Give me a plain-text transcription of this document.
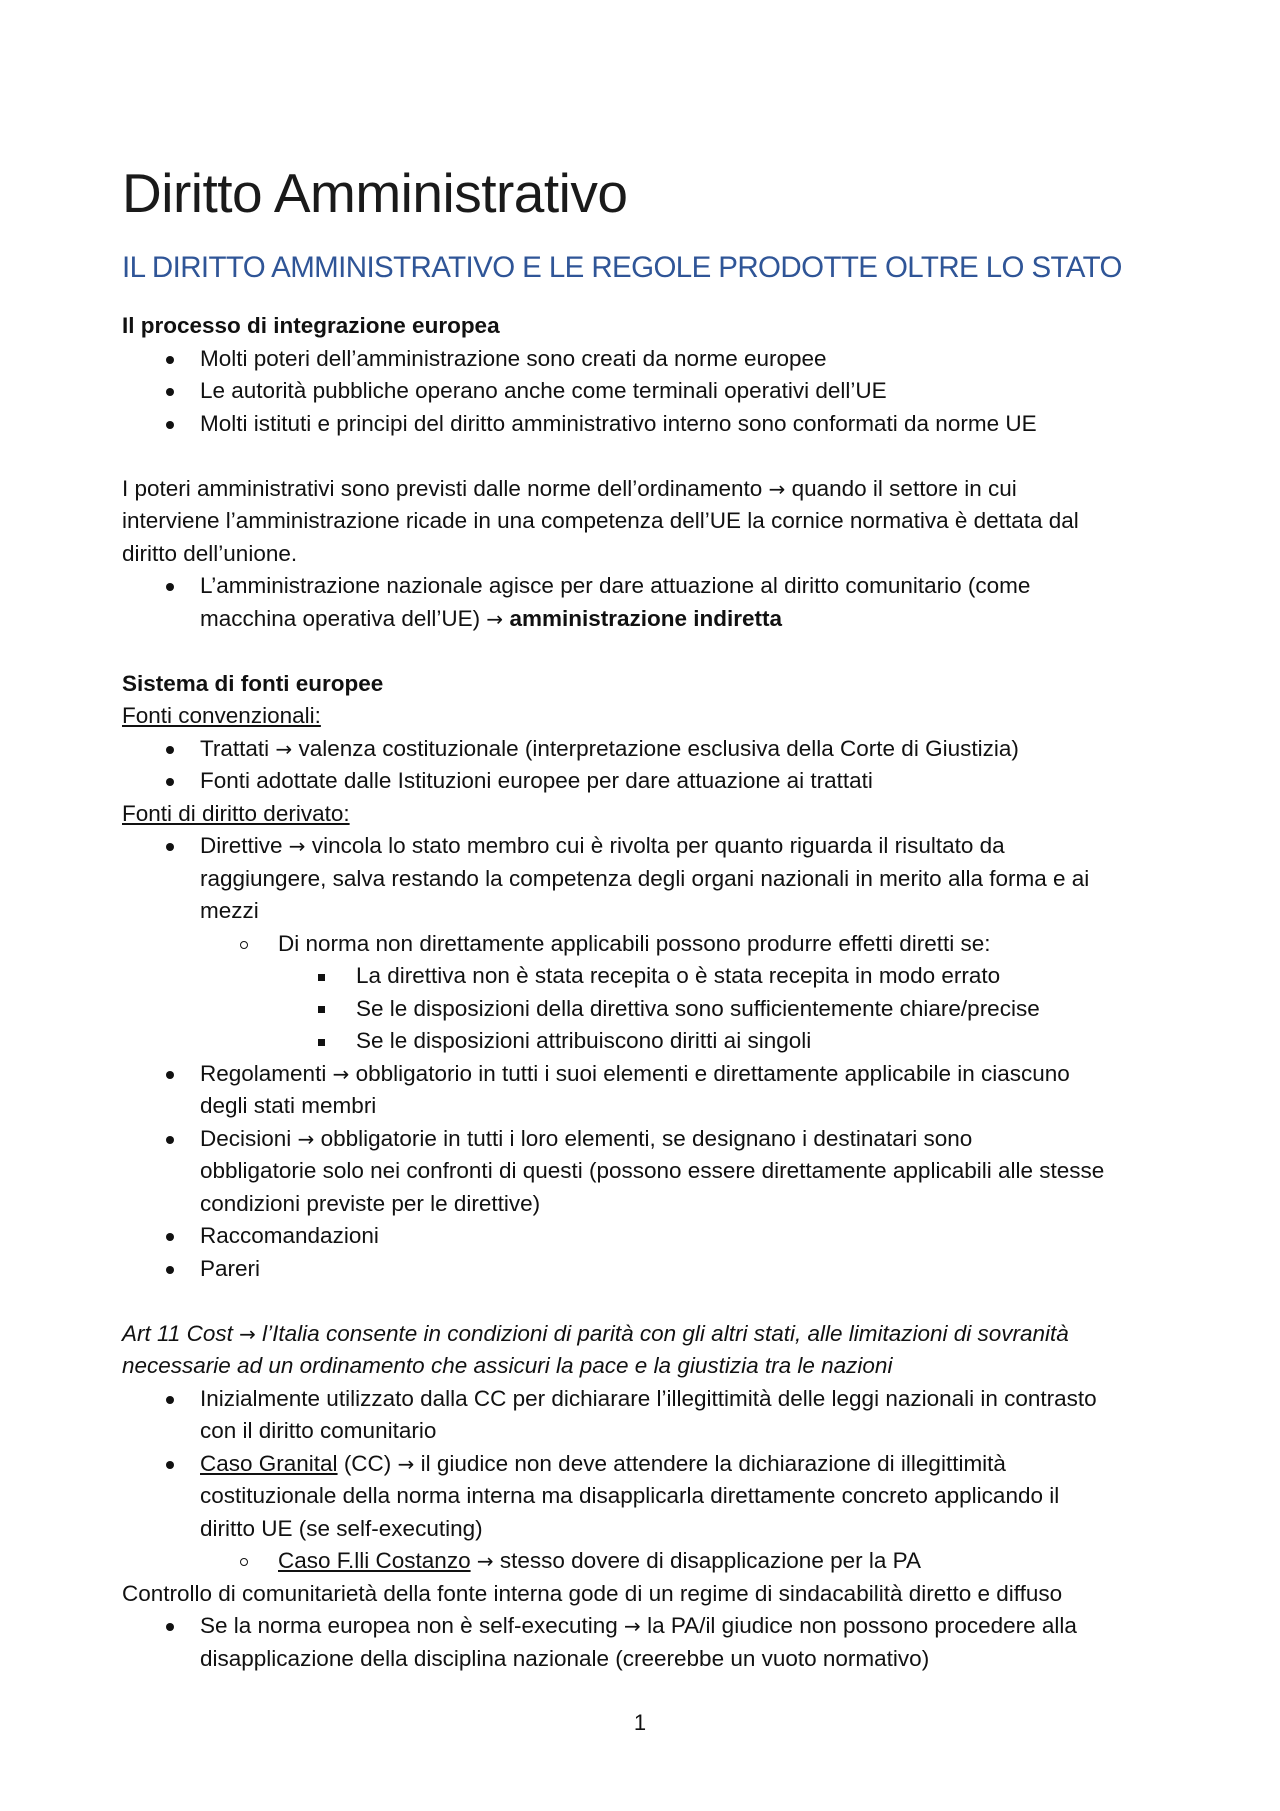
Diritto Amministrativo
IL DIRITTO AMMINISTRATIVO E LE REGOLE PRODOTTE OLTRE LO STATO
Il processo di integrazione europea
Molti poteri dell’amministrazione sono creati da norme europee
Le autorità pubbliche operano anche come terminali operativi dell’UE
Molti istituti e principi del diritto amministrativo interno sono conformati da norme UE
I poteri amministrativi sono previsti dalle norme dell’ordinamento → quando il settore in cui
interviene l’amministrazione ricade in una competenza dell’UE la cornice normativa è dettata dal
diritto dell’unione.
L’amministrazione nazionale agisce per dare attuazione al diritto comunitario (come
macchina operativa dell’UE) → amministrazione indiretta
Sistema di fonti europee
Fonti convenzionali:
Trattati → valenza costituzionale (interpretazione esclusiva della Corte di Giustizia)
Fonti adottate dalle Istituzioni europee per dare attuazione ai trattati
Fonti di diritto derivato:
Direttive → vincola lo stato membro cui è rivolta per quanto riguarda il risultato da
raggiungere, salva restando la competenza degli organi nazionali in merito alla forma e ai
mezzi
Di norma non direttamente applicabili possono produrre effetti diretti se:
La direttiva non è stata recepita o è stata recepita in modo errato
Se le disposizioni della direttiva sono sufficientemente chiare/precise
Se le disposizioni attribuiscono diritti ai singoli
Regolamenti → obbligatorio in tutti i suoi elementi e direttamente applicabile in ciascuno
degli stati membri
Decisioni → obbligatorie in tutti i loro elementi, se designano i destinatari sono
obbligatorie solo nei confronti di questi (possono essere direttamente applicabili alle stesse
condizioni previste per le direttive)
Raccomandazioni
Pareri
Art 11 Cost → l’Italia consente in condizioni di parità con gli altri stati, alle limitazioni di sovranità
necessarie ad un ordinamento che assicuri la pace e la giustizia tra le nazioni
Inizialmente utilizzato dalla CC per dichiarare l’illegittimità delle leggi nazionali in contrasto
con il diritto comunitario
Caso Granital (CC) → il giudice non deve attendere la dichiarazione di illegittimità
costituzionale della norma interna ma disapplicarla direttamente concreto applicando il
diritto UE (se self-executing)
Caso F.lli Costanzo → stesso dovere di disapplicazione per la PA
Controllo di comunitarietà della fonte interna gode di un regime di sindacabilità diretto e diffuso
Se la norma europea non è self-executing → la PA/il giudice non possono procedere alla
disapplicazione della disciplina nazionale (creerebbe un vuoto normativo)
1
